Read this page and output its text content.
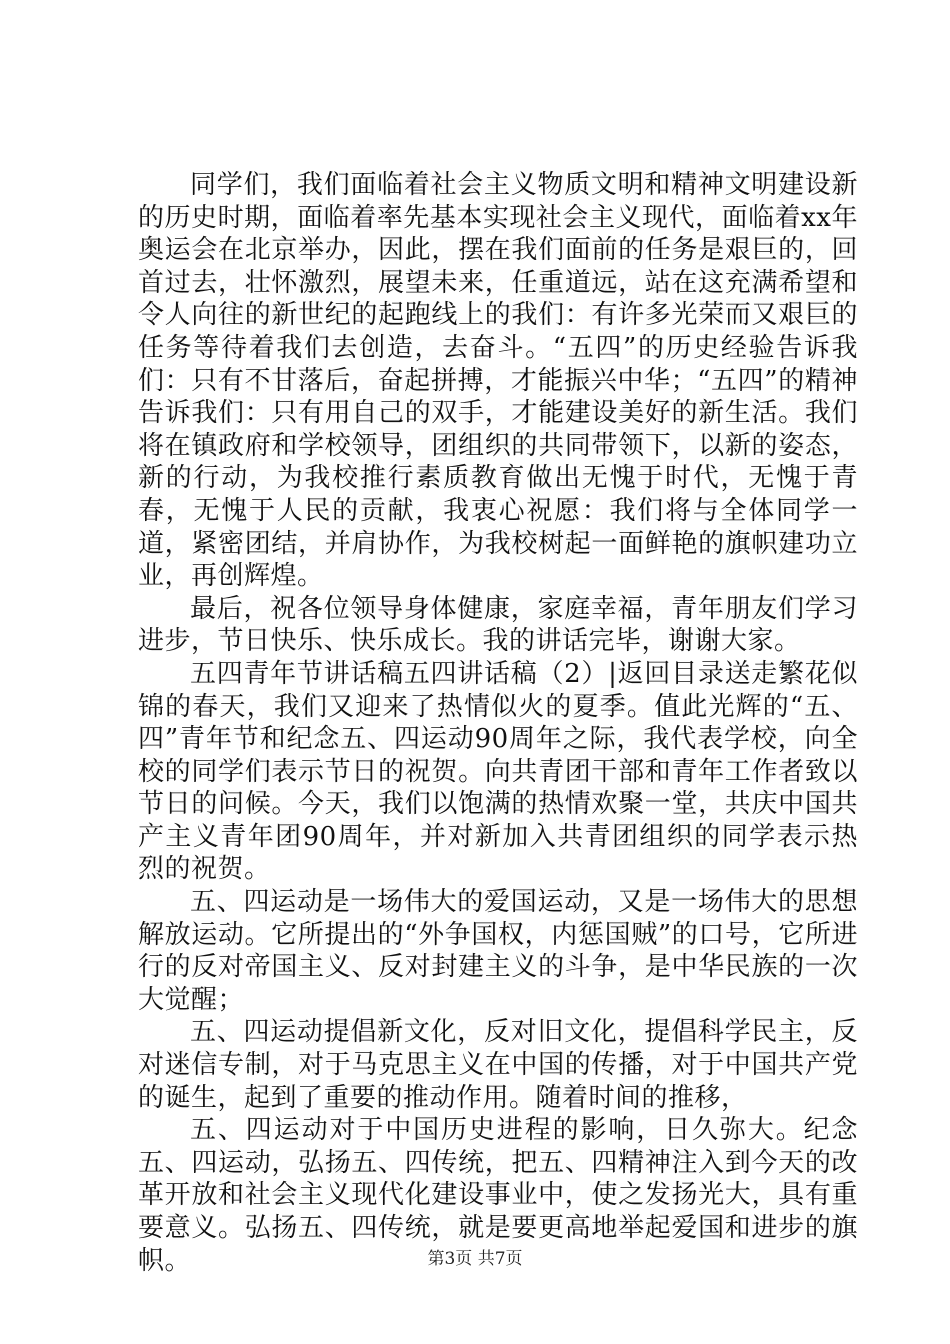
同学们，我们面临着社会主义物质文明和精神文明建设新的历史时期，面临着率先基本实现社会主义现代，面临着xx年奥运会在北京举办，因此，摆在我们面前的任务是艰巨的，回首过去，壮怀激烈，展望未来，任重道远，站在这充满希望和令人向往的新世纪的起跑线上的我们：有许多光荣而又艰巨的任务等待着我们去创造，去奋斗。“五四”的历史经验告诉我们：只有不甘落后，奋起拼搏，才能振兴中华；“五四”的精神告诉我们：只有用自己的双手，才能建设美好的新生活。我们将在镇政府和学校领导，团组织的共同带领下，以新的姿态，新的行动，为我校推行素质教育做出无愧于时代，无愧于青春，无愧于人民的贡献，我衷心祝愿：我们将与全体同学一道，紧密团结，并肩协作，为我校树起一面鲜艳的旗帜建功立业，再创辉煌。

最后，祝各位领导身体健康，家庭幸福，青年朋友们学习进步，节日快乐、快乐成长。我的讲话完毕，谢谢大家。

五四青年节讲话稿五四讲话稿（2）|返回目录送走繁花似锦的春天，我们又迎来了热情似火的夏季。值此光辉的“五、四”青年节和纪念五、四运动90周年之际，我代表学校，向全校的同学们表示节日的祝贺。向共青团干部和青年工作者致以节日的问候。今天，我们以饱满的热情欢聚一堂，共庆中国共产主义青年团90周年，并对新加入共青团组织的同学表示热烈的祝贺。

五、四运动是一场伟大的爱国运动，又是一场伟大的思想解放运动。它所提出的“外争国权，内惩国贼”的口号，它所进行的反对帝国主义、反对封建主义的斗争，是中华民族的一次大觉醒；

五、四运动提倡新文化，反对旧文化，提倡科学民主，反对迷信专制，对于马克思主义在中国的传播，对于中国共产党的诞生，起到了重要的推动作用。随着时间的推移，

五、四运动对于中国历史进程的影响，日久弥大。纪念五、四运动，弘扬五、四传统，把五、四精神注入到今天的改革开放和社会主义现代化建设事业中，使之发扬光大，具有重要意义。弘扬五、四传统，就是要更高地举起爱国和进步的旗帜。	第3页 共7页
